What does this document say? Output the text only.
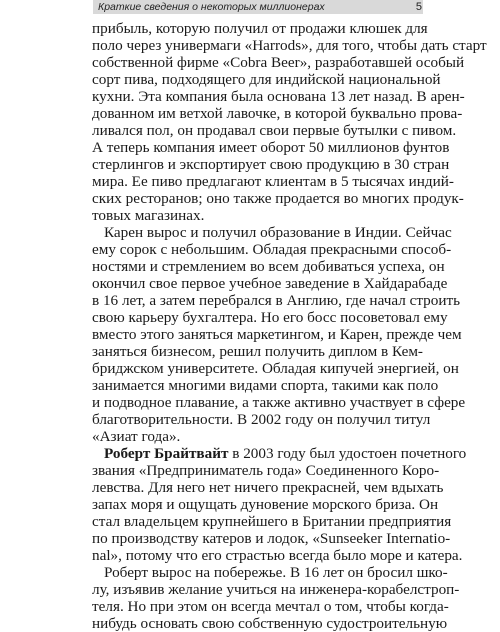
Краткие сведения о некоторых миллионерах	5
прибыль, которую получил от продажи клюшек для
поло через универмаги «Harrods», для того, чтобы дать старт
собственной фирме «Cobra Beer», разработавшей особый
сорт пива, подходящего для индийской национальной
кухни. Эта компания была основана 13 лет назад. В арен-
дованном им ветхой лавочке, в которой буквально прова-
ливался пол, он продавал свои первые бутылки с пивом.
А теперь компания имеет оборот 50 миллионов фунтов
стерлингов и экспортирует свою продукцию в 30 стран
мира. Ее пиво предлагают клиентам в 5 тысячах индий-
ских ресторанов; оно также продается во многих продук-
товых магазинах.
Карен вырос и получил образование в Индии. Сейчас
ему сорок с небольшим. Обладая прекрасными способ-
ностями и стремлением во всем добиваться успеха, он
окончил свое первое учебное заведение в Хайдарабаде
в 16 лет, а затем перебрался в Англию, где начал строить
свою карьеру бухгалтера. Но его босс посоветовал ему
вместо этого заняться маркетингом, и Карен, прежде чем
заняться бизнесом, решил получить диплом в Кем-
бриджском университете. Обладая кипучей энергией, он
занимается многими видами спорта, такими как поло
и подводное плавание, а также активно участвует в сфере
благотворительности. В 2002 году он получил титул
«Азиат года».
Роберт Брайтвайт в 2003 году был удостоен почетного
звания «Предприниматель года» Соединенного Коро-
левства. Для него нет ничего прекрасней, чем вдыхать
запах моря и ощущать дуновение морского бриза. Он
стал владельцем крупнейшего в Британии предприятия
по производству катеров и лодок, «Sunseeker Internatio-
nal», потому что его страстью всегда было море и катера.
Роберт вырос на побережье. В 16 лет он бросил шко-
лу, изъявив желание учиться на инженера-корабелстроп-
теля. Но при этом он всегда мечтал о том, чтобы когда-
нибудь основать свою собственную судостроительную
